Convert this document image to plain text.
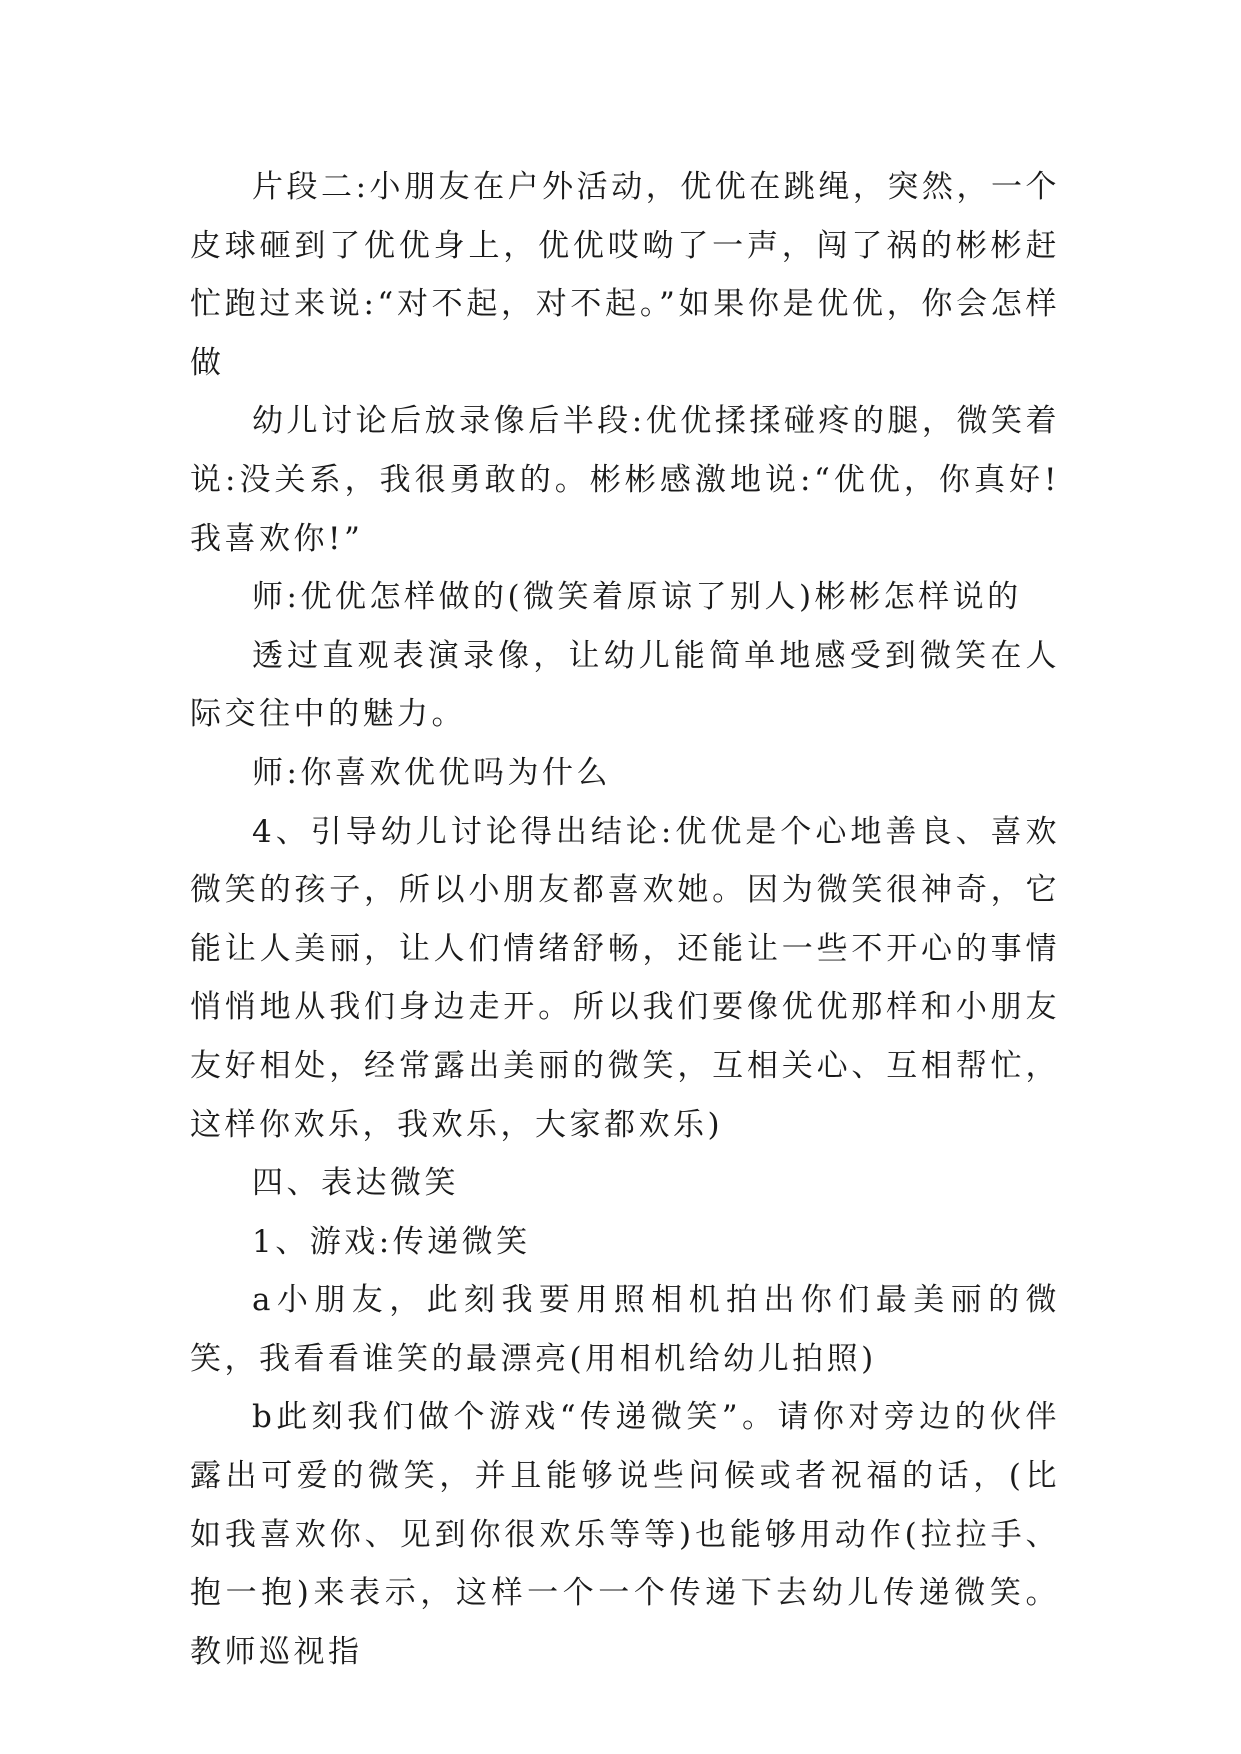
片段二:小朋友在户外活动，优优在跳绳，突然，一个皮球砸到了优优身上，优优哎呦了一声，闯了祸的彬彬赶忙跑过来说:“对不起，对不起。”如果你是优优，你会怎样做

幼儿讨论后放录像后半段:优优揉揉碰疼的腿，微笑着说:没关系，我很勇敢的。彬彬感激地说:“优优，你真好!我喜欢你!”

师:优优怎样做的(微笑着原谅了别人)彬彬怎样说的

透过直观表演录像，让幼儿能简单地感受到微笑在人际交往中的魅力。

师:你喜欢优优吗为什么

4、引导幼儿讨论得出结论:优优是个心地善良、喜欢微笑的孩子，所以小朋友都喜欢她。因为微笑很神奇，它能让人美丽，让人们情绪舒畅，还能让一些不开心的事情悄悄地从我们身边走开。所以我们要像优优那样和小朋友友好相处，经常露出美丽的微笑，互相关心、互相帮忙，这样你欢乐，我欢乐，大家都欢乐)

四、表达微笑

1、游戏:传递微笑

a小朋友，此刻我要用照相机拍出你们最美丽的微笑，我看看谁笑的最漂亮(用相机给幼儿拍照)

b此刻我们做个游戏“传递微笑”。请你对旁边的伙伴露出可爱的微笑，并且能够说些问候或者祝福的话，(比如我喜欢你、见到你很欢乐等等)也能够用动作(拉拉手、抱一抱)来表示，这样一个一个传递下去幼儿传递微笑。教师巡视指
